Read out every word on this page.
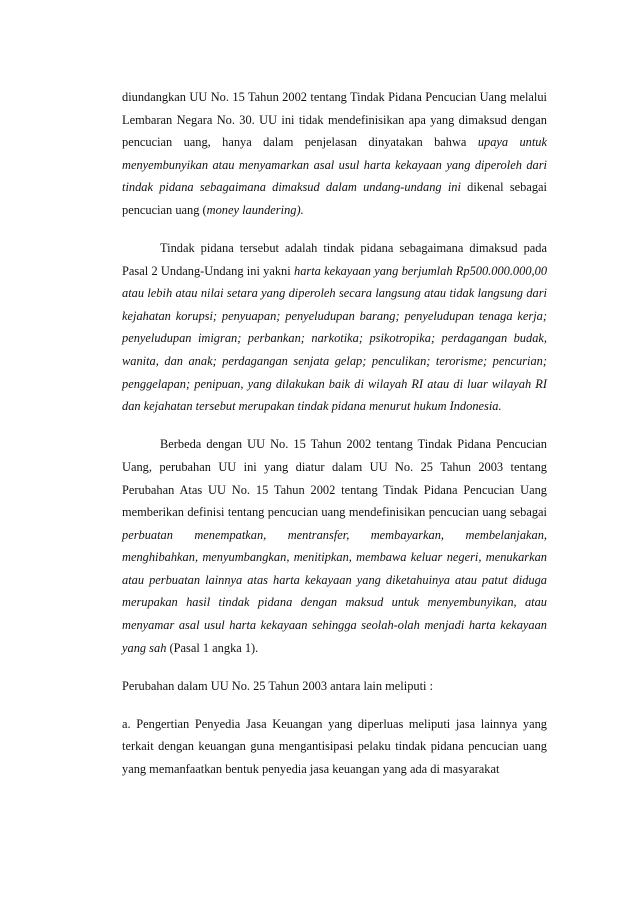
diundangkan UU No. 15 Tahun 2002 tentang Tindak Pidana Pencucian Uang melalui Lembaran Negara No. 30. UU ini tidak mendefinisikan apa yang dimaksud dengan pencucian uang, hanya dalam penjelasan dinyatakan bahwa upaya untuk menyembunyikan atau menyamarkan asal usul harta kekayaan yang diperoleh dari tindak pidana sebagaimana dimaksud dalam undang-undang ini dikenal sebagai pencucian uang (money laundering).

Tindak pidana tersebut adalah tindak pidana sebagaimana dimaksud pada Pasal 2 Undang-Undang ini yakni harta kekayaan yang berjumlah Rp500.000.000,00 atau lebih atau nilai setara yang diperoleh secara langsung atau tidak langsung dari kejahatan korupsi; penyuapan; penyeludupan barang; penyeludupan tenaga kerja; penyeludupan imigran; perbankan; narkotika; psikotropika; perdagangan budak, wanita, dan anak; perdagangan senjata gelap; penculikan; terorisme; pencurian; penggelapan; penipuan, yang dilakukan baik di wilayah RI atau di luar wilayah RI dan kejahatan tersebut merupakan tindak pidana menurut hukum Indonesia.

Berbeda dengan UU No. 15 Tahun 2002 tentang Tindak Pidana Pencucian Uang, perubahan UU ini yang diatur dalam UU No. 25 Tahun 2003 tentang Perubahan Atas UU No. 15 Tahun 2002 tentang Tindak Pidana Pencucian Uang memberikan definisi tentang pencucian uang mendefinisikan pencucian uang sebagai perbuatan menempatkan, mentransfer, membayarkan, membelanjakan, menghibahkan, menyumbangkan, menitipkan, membawa keluar negeri, menukarkan atau perbuatan lainnya atas harta kekayaan yang diketahuinya atau patut diduga merupakan hasil tindak pidana dengan maksud untuk menyembunyikan, atau menyamar asal usul harta kekayaan sehingga seolah-olah menjadi harta kekayaan yang sah (Pasal 1 angka 1).

Perubahan dalam UU No. 25 Tahun 2003 antara lain meliputi :

a. Pengertian Penyedia Jasa Keuangan yang diperluas meliputi jasa lainnya yang terkait dengan keuangan guna mengantisipasi pelaku tindak pidana pencucian uang yang memanfaatkan bentuk penyedia jasa keuangan yang ada di masyarakat
